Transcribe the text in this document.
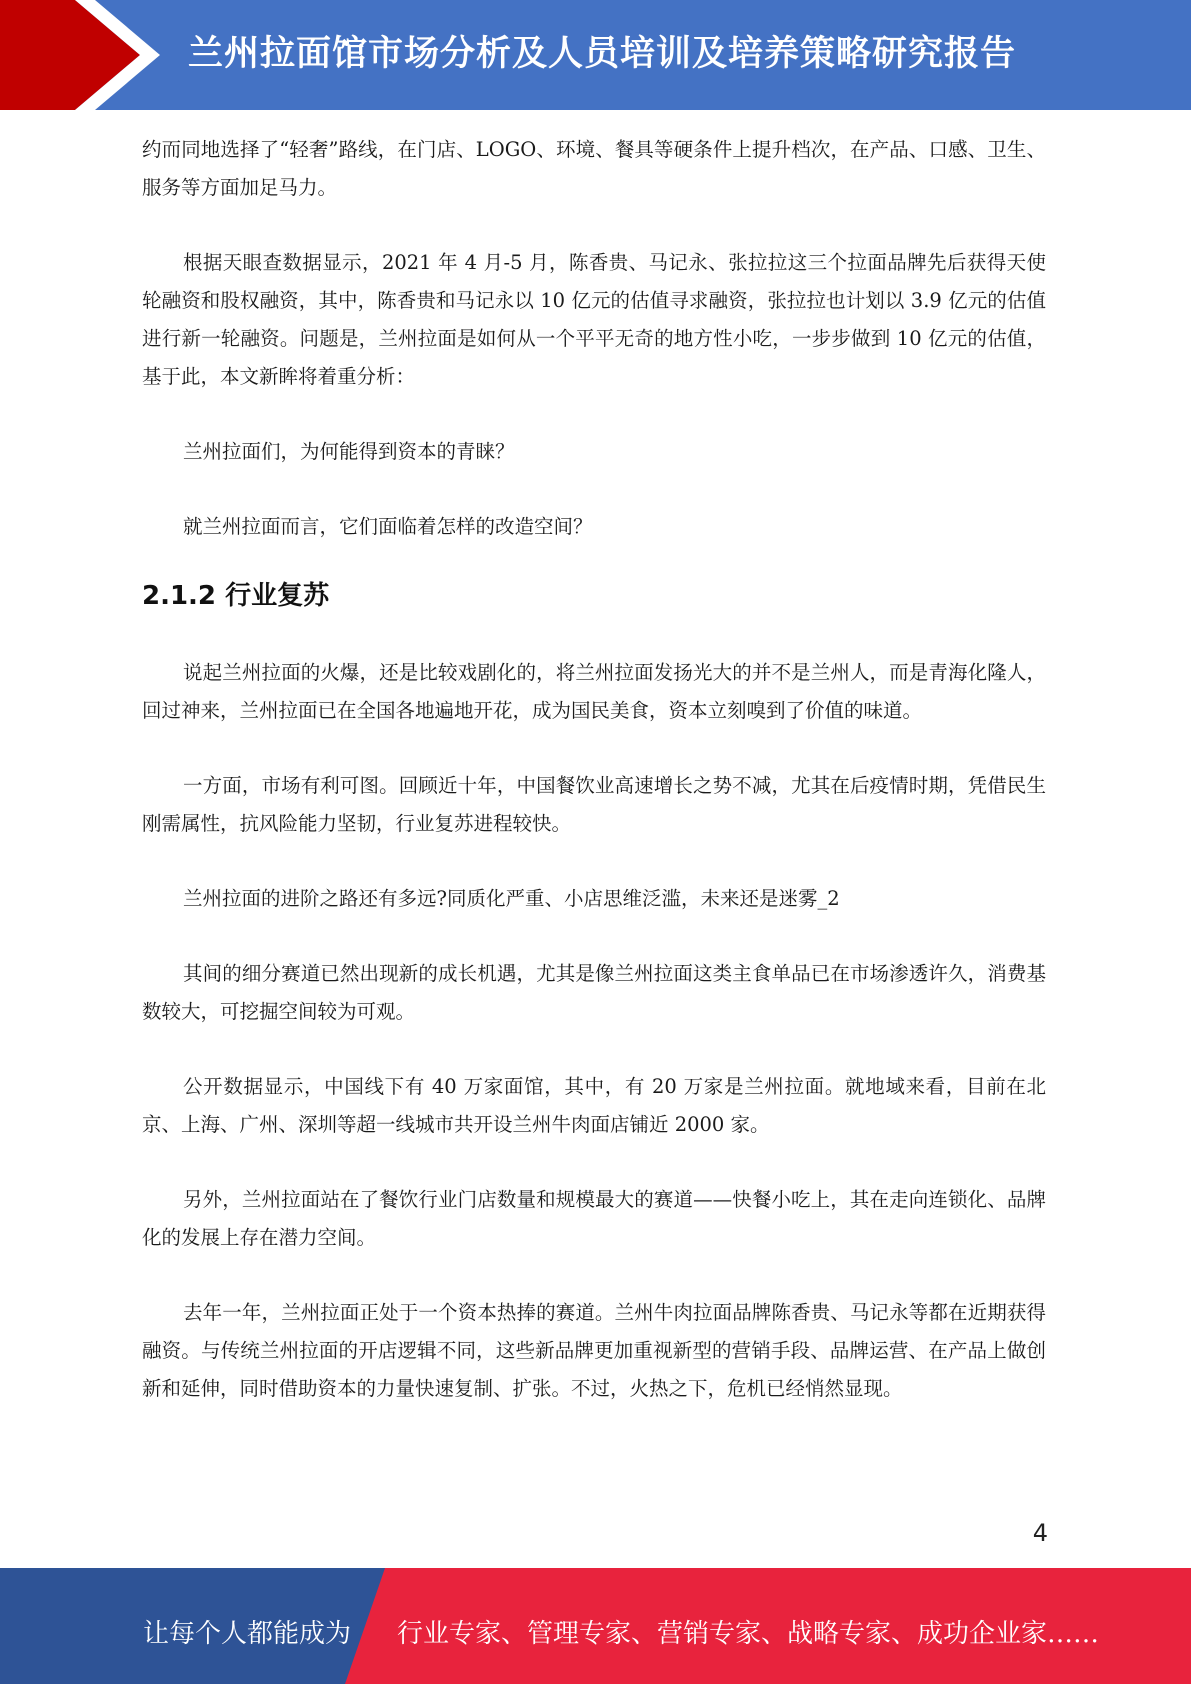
兰州拉面馆市场分析及人员培训及培养策略研究报告

约而同地选择了“轻奢”路线，在门店、LOGO、环境、餐具等硬条件上提升档次，在产品、口感、卫生、服务等方面加足马力。

根据天眼查数据显示，2021 年 4 月-5 月，陈香贵、马记永、张拉拉这三个拉面品牌先后获得天使轮融资和股权融资，其中，陈香贵和马记永以 10 亿元的估值寻求融资，张拉拉也计划以 3.9 亿元的估值进行新一轮融资。问题是，兰州拉面是如何从一个平平无奇的地方性小吃，一步步做到 10 亿元的估值，基于此，本文新眸将着重分析：

兰州拉面们，为何能得到资本的青睐？

就兰州拉面而言，它们面临着怎样的改造空间？

2.1.2 行业复苏

说起兰州拉面的火爆，还是比较戏剧化的，将兰州拉面发扬光大的并不是兰州人，而是青海化隆人，回过神来，兰州拉面已在全国各地遍地开花，成为国民美食，资本立刻嗅到了价值的味道。

一方面，市场有利可图。回顾近十年，中国餐饮业高速增长之势不减，尤其在后疫情时期，凭借民生刚需属性，抗风险能力坚韧，行业复苏进程较快。

兰州拉面的进阶之路还有多远?同质化严重、小店思维泛滥，未来还是迷雾_2

其间的细分赛道已然出现新的成长机遇，尤其是像兰州拉面这类主食单品已在市场渗透许久，消费基数较大，可挖掘空间较为可观。

公开数据显示，中国线下有 40 万家面馆，其中，有 20 万家是兰州拉面。就地域来看，目前在北京、上海、广州、深圳等超一线城市共开设兰州牛肉面店铺近 2000 家。

另外，兰州拉面站在了餐饮行业门店数量和规模最大的赛道——快餐小吃上，其在走向连锁化、品牌化的发展上存在潜力空间。

去年一年，兰州拉面正处于一个资本热捧的赛道。兰州牛肉拉面品牌陈香贵、马记永等都在近期获得融资。与传统兰州拉面的开店逻辑不同，这些新品牌更加重视新型的营销手段、品牌运营、在产品上做创新和延伸，同时借助资本的力量快速复制、扩张。不过，火热之下，危机已经悄然显现。

4
让每个人都能成为 行业专家、管理专家、营销专家、战略专家、成功企业家……
